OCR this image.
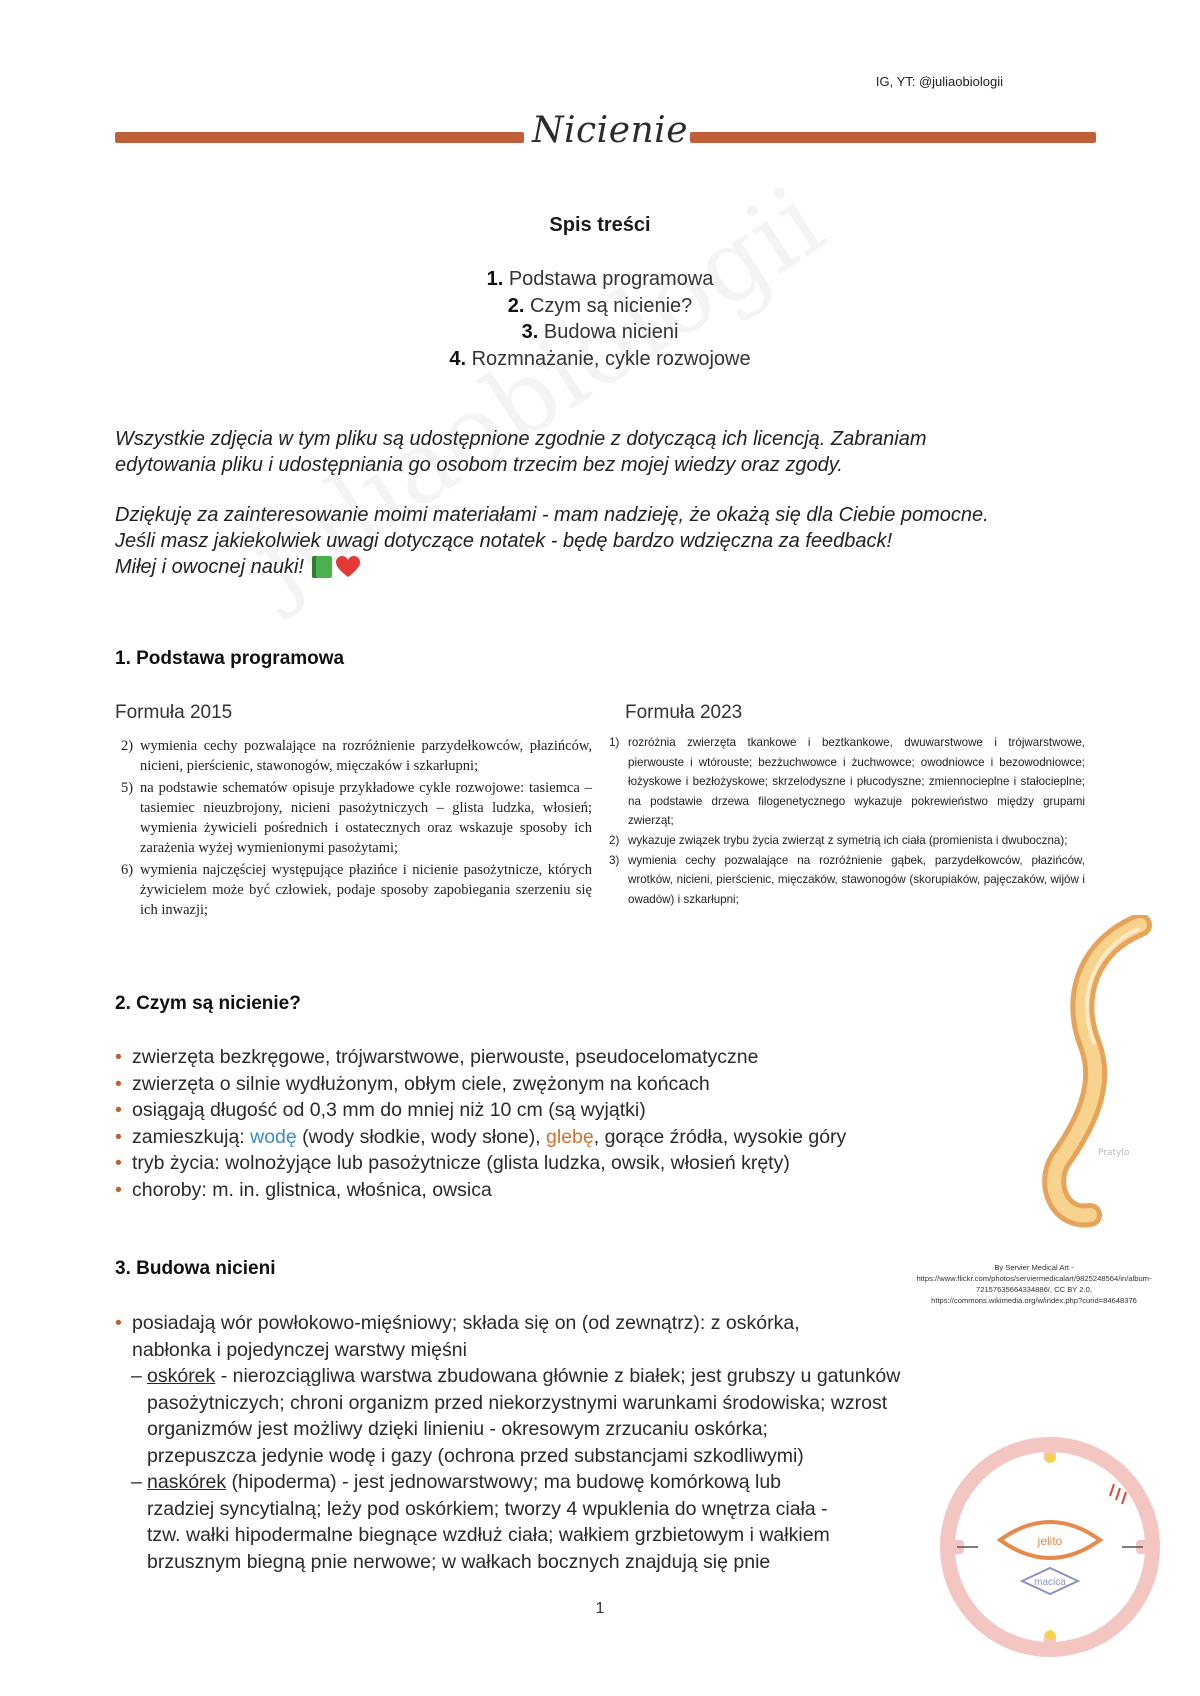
IG, YT: @juliaobiologii
Nicienie
Spis treści
1. Podstawa programowa
2. Czym są nicienie?
3. Budowa nicieni
4. Rozmnażanie, cykle rozwojowe
Wszystkie zdjęcia w tym pliku są udostępnione zgodnie z dotyczącą ich licencją. Zabraniam
edytowania pliku i udostępniania go osobom trzecim bez mojej wiedzy oraz zgody.
Dziękuję za zainteresowanie moimi materiałami - mam nadzieję, że okażą się dla Ciebie pomocne.
Jeśli masz jakiekolwiek uwagi dotyczące notatek - będę bardzo wdzięczna za feedback!
Miłej i owocnej nauki!
1. Podstawa programowa
Formuła 2015	Formuła 2023
2) wymienia cechy pozwalające na rozróżnienie parzydełkowców, płazińców, nicieni, pierścienic, stawonogów, mięczaków i szkarłupni;
5) na podstawie schematów opisuje przykładowe cykle rozwojowe: tasiemca – tasiemiec nieuzbrojony, nicieni pasożytniczych – glista ludzka, włosień; wymienia żywicieli pośrednich i ostatecznych oraz wskazuje sposoby ich zarażenia wyżej wymienionymi pasożytami;
6) wymienia najczęściej występujące płazińce i nicienie pasożytnicze, których żywicielem może być człowiek, podaje sposoby zapobiegania szerzeniu się ich inwazji;
1) rozróżnia zwierzęta tkankowe i beztkankowe, dwuwarstwowe i trójwarstwowe, pierwouste i wtórouste; bezżuchwowce i żuchwowce; owodniowce i bezowodniowce; łożyskowe i bezłożyskowe; skrzelodyszne i płucodyszne; zmiennocieplne i stałocieplne; na podstawie drzewa filogenetycznego wykazuje pokrewieństwo między grupami zwierząt;
2) wykazuje związek trybu życia zwierząt z symetrią ich ciała (promienista i dwuboczna);
3) wymienia cechy pozwalające na rozróżnienie gąbek, parzydełkowców, płazińców, wrotków, nicieni, pierścienic, mięczaków, stawonogów (skorupiaków, pajęczaków, wijów i owadów) i szkarłupni;
Pratylo
2. Czym są nicienie?
• zwierzęta bezkręgowe, trójwarstwowe, pierwouste, pseudocelomatyczne
• zwierzęta o silnie wydłużonym, obłym ciele, zwężonym na końcach
• osiągają długość od 0,3 mm do mniej niż 10 cm (są wyjątki)
• zamieszkują: wodę (wody słodkie, wody słone), glebę, gorące źródła, wysokie góry
• tryb życia: wolnożyjące lub pasożytnicze (glista ludzka, owsik, włosień kręty)
• choroby: m. in. glistnica, włośnica, owsica
By Servier Medical Art - https://www.flickr.com/photos/serviermedicalart/9825248564/in/album-72157635664334886/, CC BY 2.0, https://commons.wikimedia.org/w/index.php?curid=84648376
3. Budowa nicieni
• posiadają wór powłokowo-mięśniowy; składa się on (od zewnątrz): z oskórka,
nabłonka i pojedynczej warstwy mięśni
– oskórek - nierozciągliwa warstwa zbudowana głównie z białek; jest grubszy u gatunków
pasożytniczych; chroni organizm przed niekorzystnymi warunkami środowiska; wzrost
organizmów jest możliwy dzięki linieniu - okresowym zrzucaniu oskórka;
przepuszcza jedynie wodę i gazy (ochrona przed substancjami szkodliwymi)
– naskórek (hipoderma) - jest jednowarstwowy; ma budowę komórkową lub
rzadziej syncytialną; leży pod oskórkiem; tworzy 4 wpuklenia do wnętrza ciała -
tzw. wałki hipodermalne biegnące wzdłuż ciała; wałkiem grzbietowym i wałkiem
brzusznym biegną pnie nerwowe; w wałkach bocznych znajdują się pnie
jelito
macica
1
